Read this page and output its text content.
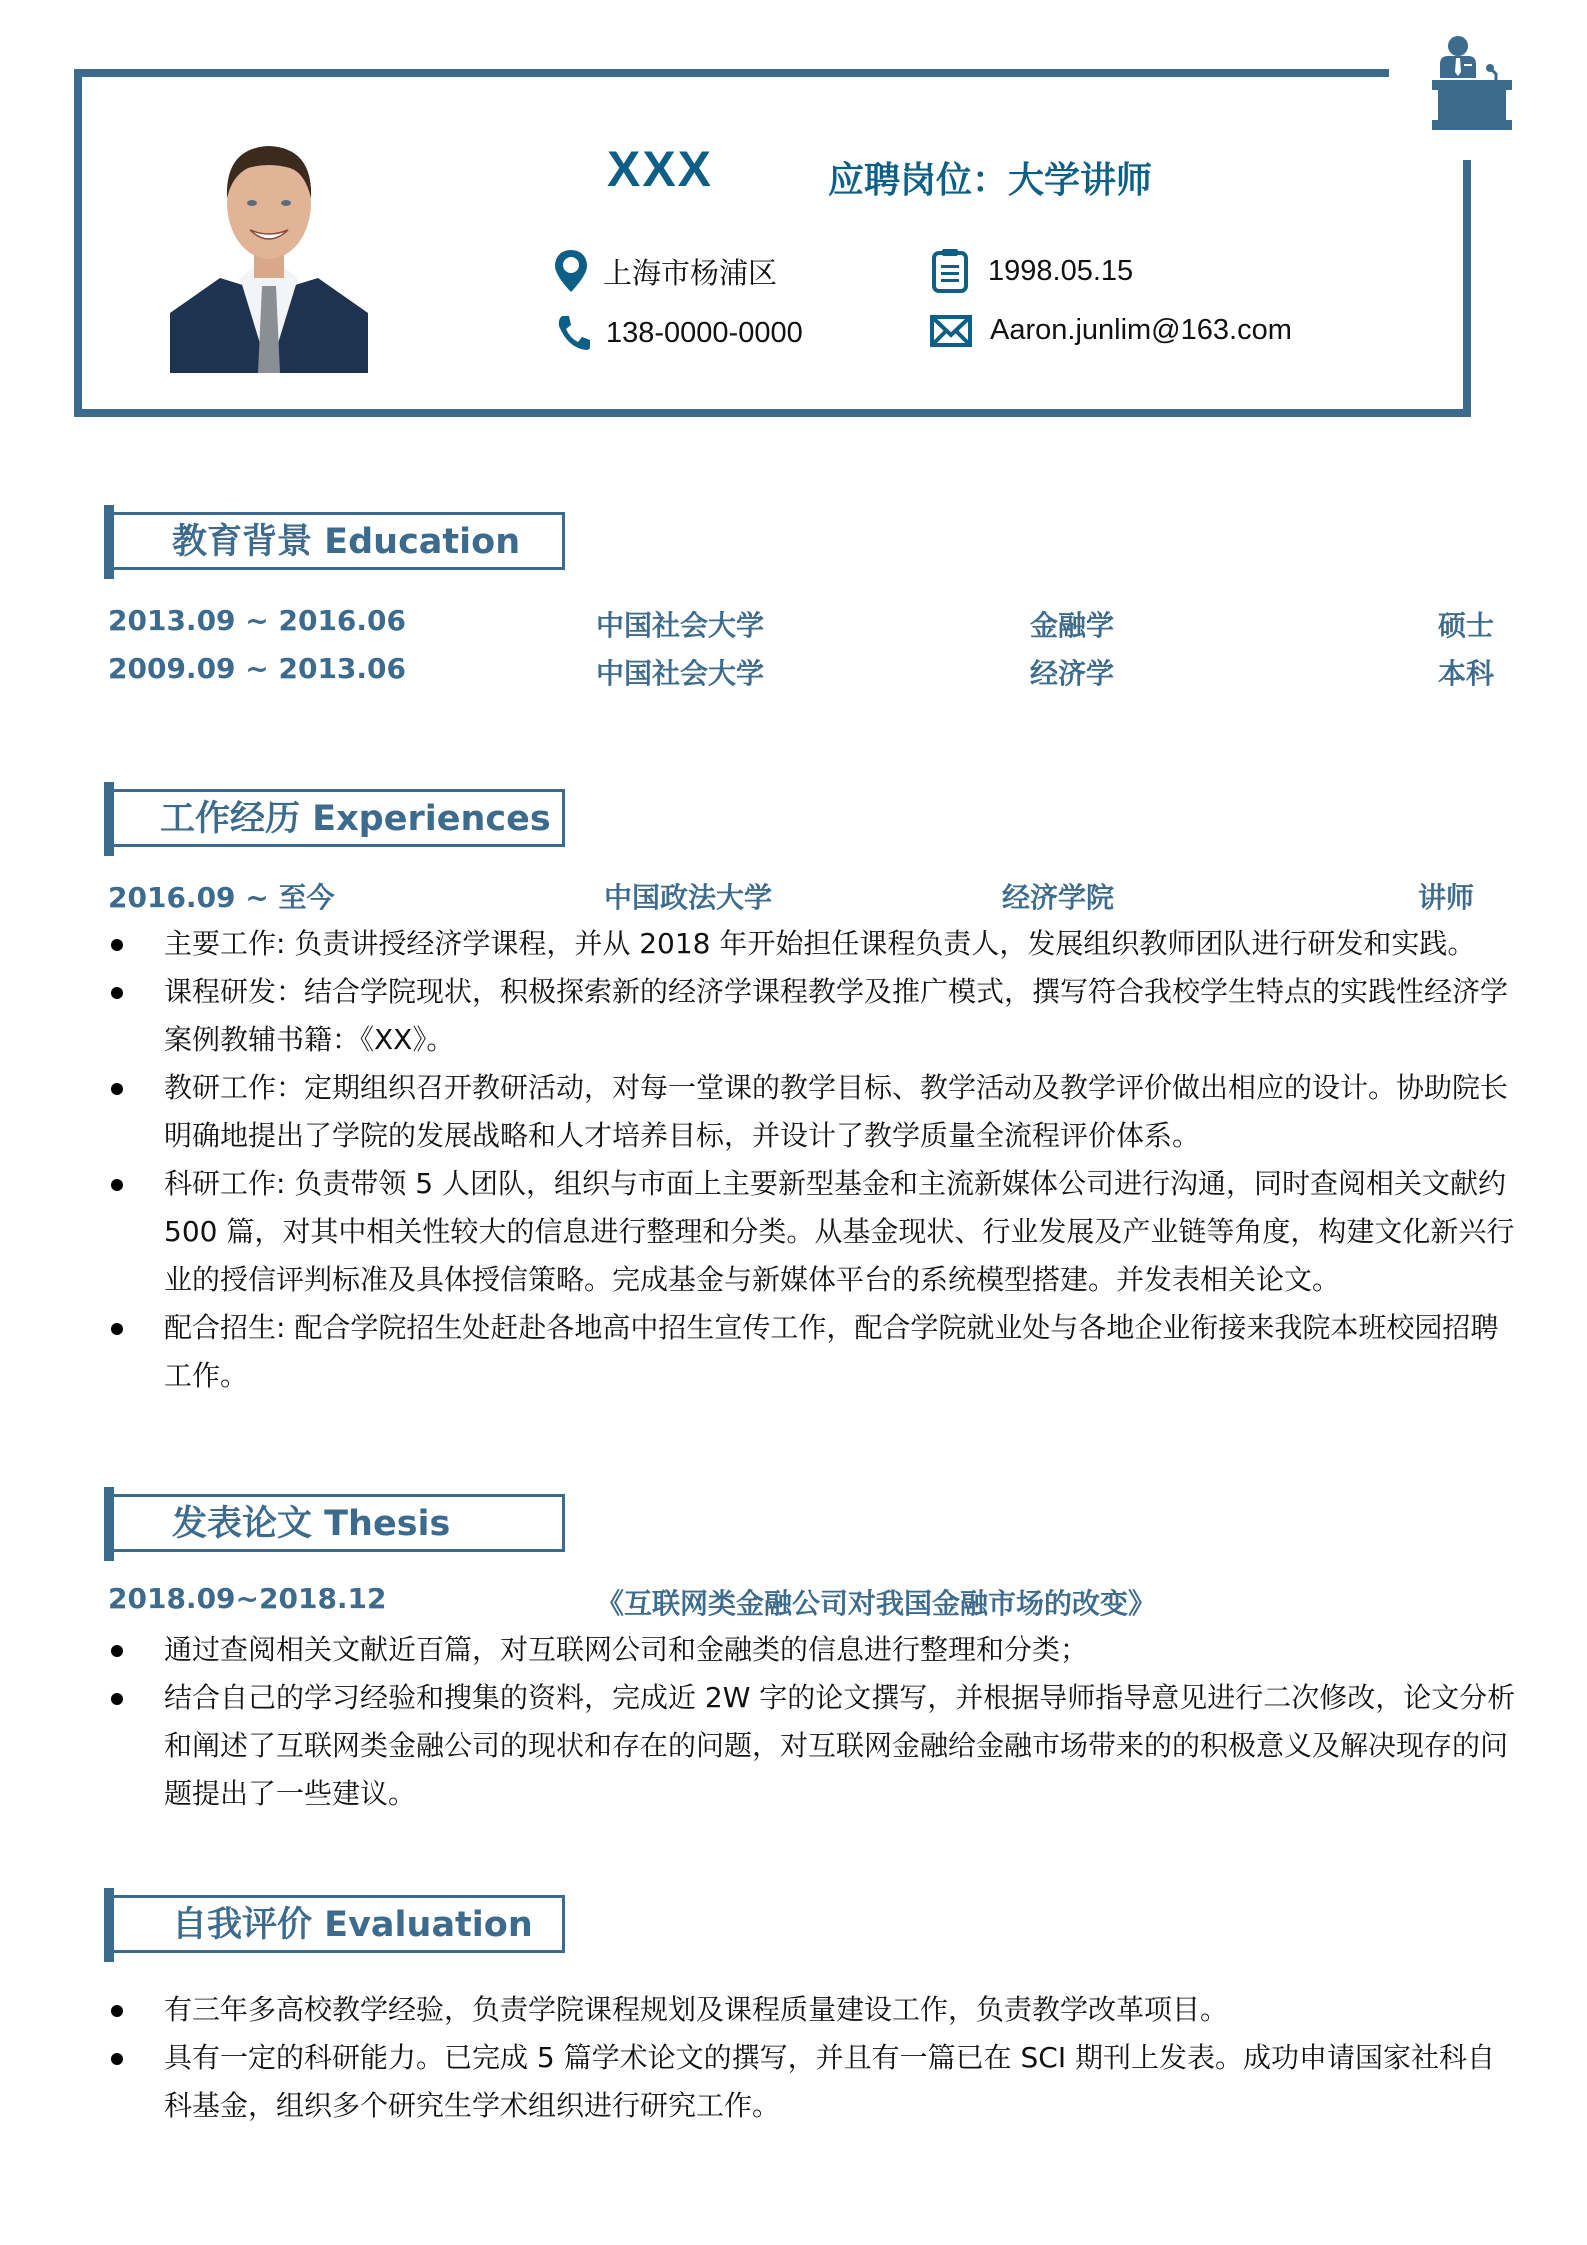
XXX	应聘岗位：大学讲师
上海市杨浦区
138-0000-0000
1998.05.15
Aaron.junlim@163.com
教育背景 Education
2013.09 ~ 2016.06	中国社会大学	金融学	硕士
2009.09 ~ 2013.06	中国社会大学	经济学	本科
工作经历 Experiences
2016.09 ~ 至今	中国政法大学	经济学院	讲师
主要工作: 负责讲授经济学课程，并从 2018 年开始担任课程负责人，发展组织教师团队进行研发和实践。
课程研发：结合学院现状，积极探索新的经济学课程教学及推广模式，撰写符合我校学生特点的实践性经济学案例教辅书籍：《XX》。
教研工作：定期组织召开教研活动，对每一堂课的教学目标、教学活动及教学评价做出相应的设计。协助院长明确地提出了学院的发展战略和人才培养目标，并设计了教学质量全流程评价体系。
科研工作: 负责带领 5 人团队，组织与市面上主要新型基金和主流新媒体公司进行沟通，同时查阅相关文献约 500 篇，对其中相关性较大的信息进行整理和分类。从基金现状、行业发展及产业链等角度，构建文化新兴行业的授信评判标准及具体授信策略。完成基金与新媒体平台的系统模型搭建。并发表相关论文。
配合招生: 配合学院招生处赶赴各地高中招生宣传工作，配合学院就业处与各地企业衔接来我院本班校园招聘工作。
发表论文 Thesis
2018.09~2018.12	《互联网类金融公司对我国金融市场的改变》
通过查阅相关文献近百篇，对互联网公司和金融类的信息进行整理和分类；
结合自己的学习经验和搜集的资料，完成近 2W 字的论文撰写，并根据导师指导意见进行二次修改，论文分析和阐述了互联网类金融公司的现状和存在的问题，对互联网金融给金融市场带来的的积极意义及解决现存的问题提出了一些建议。
自我评价 Evaluation
有三年多高校教学经验，负责学院课程规划及课程质量建设工作，负责教学改革项目。
具有一定的科研能力。已完成 5 篇学术论文的撰写，并且有一篇已在 SCI 期刊上发表。成功申请国家社科自科基金，组织多个研究生学术组织进行研究工作。
